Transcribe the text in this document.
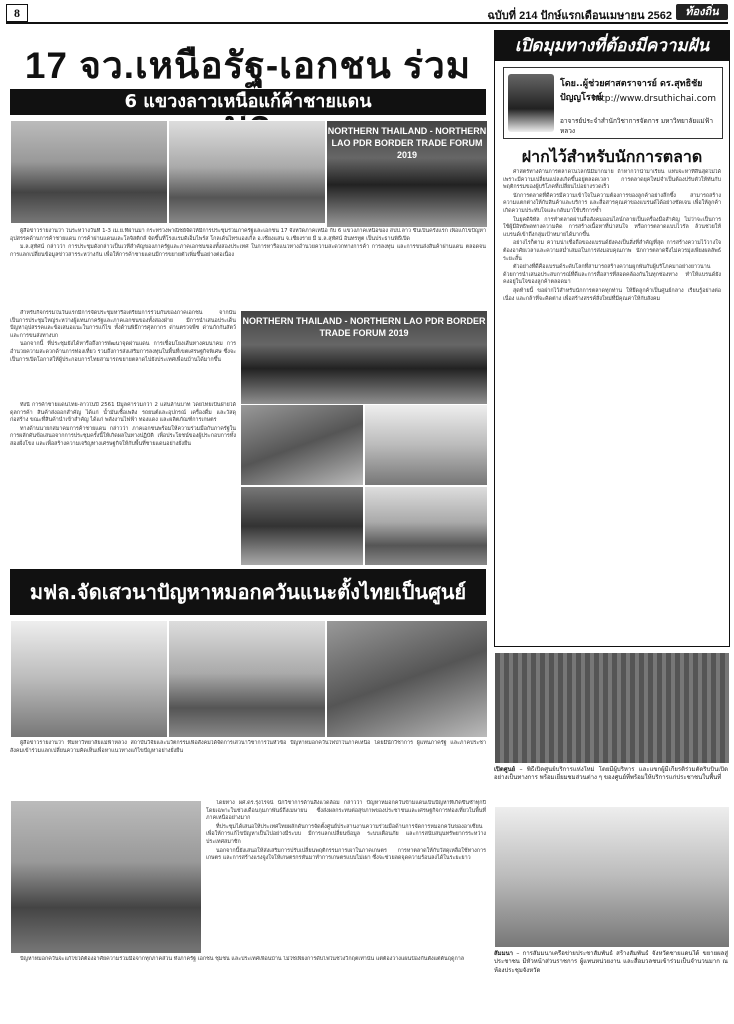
8	ฉบับที่ 214 ปักษ์แรกเดือนเมษายน 2562	ท้องถิ่น
17 จว.เหนือรัฐ-เอกชน ร่วม
6 แขวงลาวเหนือแก้ค้าชายแดน
NORTHERN THAILAND - NORTHERN LAO PDR BORDER TRADE FORUM 2019

ผู้สื่อข่าวรายงานว่า ในระหว่างวันที่ 1-3 เม.ย.ที่ผ่านมา กระทรวงพาณิชย์จัดให้มีการประชุมร่วมภาครัฐและเอกชน 17 จังหวัดภาคเหนือ กับ 6 แขวงภาคเหนือของ สปป.ลาว ขึ้นเป็นครั้งแรก เพื่อแก้ไขปัญหาอุปสรรคด้านการค้าชายแดน การค้าผ่านแดนและโลจิสติกส์ จัดขึ้นที่โรงแรมดิเอ็มไพร์ส โกลเด้นไทรแองเกิ้ล อ.เชียงแสน จ.เชียงราย มี ม.ล.สุทัศน์ อินทรทูต เป็นประธานพิธีเปิด

ม.ล.สุทัศน์ กล่าวว่า การประชุมดังกล่าวเป็นเวทีสำคัญของภาครัฐและภาคเอกชนของทั้งสองประเทศ ในการหารือแนวทางอำนวยความสะดวกทางการค้า การลงทุน และการขนส่งสินค้าผ่านแดน ตลอดจนการแลกเปลี่ยนข้อมูลข่าวสารระหว่างกัน เพื่อให้การค้าชายแดนมีการขยายตัวเพิ่มขึ้นอย่างต่อเนื่อง

สำหรับกิจกรรมในวันแรกมีการจัดประชุมหารือเตรียมการร่วมกันของภาคเอกชน จากนั้นเป็นการประชุมใหญ่ระหว่างผู้แทนภาครัฐและภาคเอกชนของทั้งสองฝ่าย มีการนำเสนอประเด็นปัญหาอุปสรรคและข้อเสนอแนะในการแก้ไข ทั้งด้านพิธีการศุลกากร ด่านตรวจพืช ด่านกักกันสัตว์ และการขนส่งทางบก

นอกจากนี้ ที่ประชุมยังได้หารือถึงการพัฒนาจุดผ่านแดน การเชื่อมโยงเส้นทางคมนาคม การอำนวยความสะดวกด้านการท่องเที่ยว รวมถึงการส่งเสริมการลงทุนในพื้นที่เขตเศรษฐกิจพิเศษ ซึ่งจะเป็นการเปิดโอกาสให้ผู้ประกอบการไทยสามารถขยายตลาดไปยังประเทศเพื่อนบ้านได้มากขึ้น

NORTHERN THAILAND - NORTHERN LAO PDR BORDER TRADE FORUM 2019

ทั้งนี้ การค้าชายแดนไทย-ลาวในปี 2561 มีมูลค่ารวมกว่า 2 แสนล้านบาท โดยไทยเป็นฝ่ายได้ดุลการค้า สินค้าส่งออกสำคัญ ได้แก่ น้ำมันเชื้อเพลิง รถยนต์และอุปกรณ์ เครื่องดื่ม และวัสดุก่อสร้าง ขณะที่สินค้านำเข้าสำคัญ ได้แก่ พลังงานไฟฟ้า ทองแดง และผลิตภัณฑ์การเกษตร

ทางด้านนายกสมาคมการค้าชายแดน กล่าวว่า ภาคเอกชนพร้อมให้ความร่วมมือกับภาครัฐในการผลักดันข้อเสนอจากการประชุมครั้งนี้ให้เกิดผลในทางปฏิบัติ เพื่อประโยชน์ของผู้ประกอบการทั้งสองฝั่งโขง และเพื่อสร้างความเจริญทางเศรษฐกิจให้กับพื้นที่ชายแดนอย่างยั่งยืน

มฟล.จัดเสวนาปัญหาหมอกควันแนะตั้งไทยเป็นศูนย์

ผู้สื่อข่าวรายงานว่า ที่มหาวิทยาลัยแม่ฟ้าหลวง สถาบันวิจัยและนวัตกรรมเพื่อสังคมได้จัดการเสวนาวิชาการในหัวข้อ ปัญหาหมอกควันไฟป่าในภาคเหนือ โดยมีนักวิชาการ ผู้แทนภาครัฐ และภาคประชาสังคมเข้าร่วมแลกเปลี่ยนความคิดเห็นเพื่อหาแนวทางแก้ไขปัญหาอย่างยั่งยืน

โดยทาง ผศ.ดร.รุ่งโรจน์ นักวิชาการด้านสิ่งแวดล้อม กล่าวว่า ปัญหาหมอกควันข้ามแดนเป็นปัญหาที่เกิดขึ้นซ้ำทุกปี โดยเฉพาะในช่วงเดือนกุมภาพันธ์ถึงเมษายน ซึ่งส่งผลกระทบต่อสุขภาพของประชาชนและเศรษฐกิจการท่องเที่ยวในพื้นที่ภาคเหนืออย่างมาก

ที่ประชุมได้เสนอให้ประเทศไทยผลักดันการจัดตั้งศูนย์ประสานงานความร่วมมือด้านการจัดการหมอกควันของอาเซียน เพื่อให้การแก้ไขปัญหาเป็นไปอย่างมีระบบ มีการแลกเปลี่ยนข้อมูล ระบบเตือนภัย และการสนับสนุนทรัพยากรระหว่างประเทศสมาชิก

นอกจากนี้ยังเสนอให้ส่งเสริมการปรับเปลี่ยนพฤติกรรมการเผาในภาคเกษตร การหาตลาดให้กับวัสดุเหลือใช้ทางการเกษตร และการสร้างแรงจูงใจให้เกษตรกรหันมาทำการเกษตรแบบไม่เผา ซึ่งจะช่วยลดจุดความร้อนลงได้ในระยะยาว

ปัญหาหมอกควันจะแก้ไขได้ต้องอาศัยความร่วมมือจากทุกภาคส่วน ทั้งภาครัฐ เอกชน ชุมชน และประเทศเพื่อนบ้าน ไม่ใช่เพียงการดับไฟในช่วงวิกฤตเท่านั้น แต่ต้องวางแผนป้องกันตั้งแต่ต้นฤดูกาล

เปิดมุมทางที่ต้องมีความฝัน
โดย..ผู้ช่วยศาสตราจารย์ ดร.สุทธิชัย ปัญญโรจน์
http://www.drsuthichai.com
อาจารย์ประจำสำนักวิชาการจัดการ มหาวิทยาลัยแม่ฟ้าหลวง
ฝากไว้สำหรับนักการตลาด

ศาสตร์ทางด้านการตลาดในโลกนี้มีมากมาย ถ้าหากว่านำมาเรียน แทบจะหาที่สิ้นสุดไม่ได้ เพราะมีความเปลี่ยนแปลงเกิดขึ้นอยู่ตลอดเวลา การตลาดยุคใหม่จำเป็นต้องปรับตัวให้ทันกับพฤติกรรมของผู้บริโภคที่เปลี่ยนไปอย่างรวดเร็ว

นักการตลาดที่ดีควรมีความเข้าใจในความต้องการของลูกค้าอย่างลึกซึ้ง สามารถสร้างความแตกต่างให้กับสินค้าและบริการ และสื่อสารคุณค่าของแบรนด์ได้อย่างชัดเจน เพื่อให้ลูกค้าเกิดความประทับใจและกลับมาใช้บริการซ้ำ

ในยุคดิจิทัล การทำตลาดผ่านสื่อสังคมออนไลน์กลายเป็นเครื่องมือสำคัญ ไม่ว่าจะเป็นการใช้ผู้มีอิทธิพลทางความคิด การสร้างเนื้อหาที่น่าสนใจ หรือการตลาดแบบไวรัล ล้วนช่วยให้แบรนด์เข้าถึงกลุ่มเป้าหมายได้มากขึ้น

อย่างไรก็ตาม ความน่าเชื่อถือของแบรนด์ยังคงเป็นสิ่งที่สำคัญที่สุด การสร้างความไว้วางใจต้องอาศัยเวลาและความสม่ำเสมอในการส่งมอบคุณภาพ นักการตลาดจึงไม่ควรมุ่งเพียงผลลัพธ์ระยะสั้น

ตัวอย่างที่ดีคือแบรนด์ระดับโลกที่สามารถสร้างความผูกพันกับผู้บริโภคมาอย่างยาวนาน ด้วยการนำเสนอประสบการณ์ที่ดีและการสื่อสารที่สอดคล้องกันในทุกช่องทาง ทำให้แบรนด์ยังคงอยู่ในใจของลูกค้าตลอดมา

สุดท้ายนี้ ขอฝากไว้สำหรับนักการตลาดทุกท่าน ให้ยึดลูกค้าเป็นศูนย์กลาง เรียนรู้อย่างต่อเนื่อง และกล้าที่จะคิดต่าง เพื่อสร้างสรรค์สิ่งใหม่ที่มีคุณค่าให้กับสังคม

เปิดศูนย์ – พิธีเปิดศูนย์บริการแห่งใหม่ โดยมีผู้บริหาร และแขกผู้มีเกียรติร่วมตัดริบบิ้นเปิดอย่างเป็นทางการ พร้อมเยี่ยมชมส่วนต่าง ๆ ของศูนย์ที่พร้อมให้บริการแก่ประชาชนในพื้นที่
สัมมนา – การสัมมนาเครือข่ายประชาสัมพันธ์ สร้างสัมพันธ์ จังหวัดชายแดนใต้ ขยายผลสู่ประชาชน มีหัวหน้าส่วนราชการ ผู้แทนหน่วยงาน และสื่อมวลชนเข้าร่วมเป็นจำนวนมาก ณ ห้องประชุมจังหวัด
